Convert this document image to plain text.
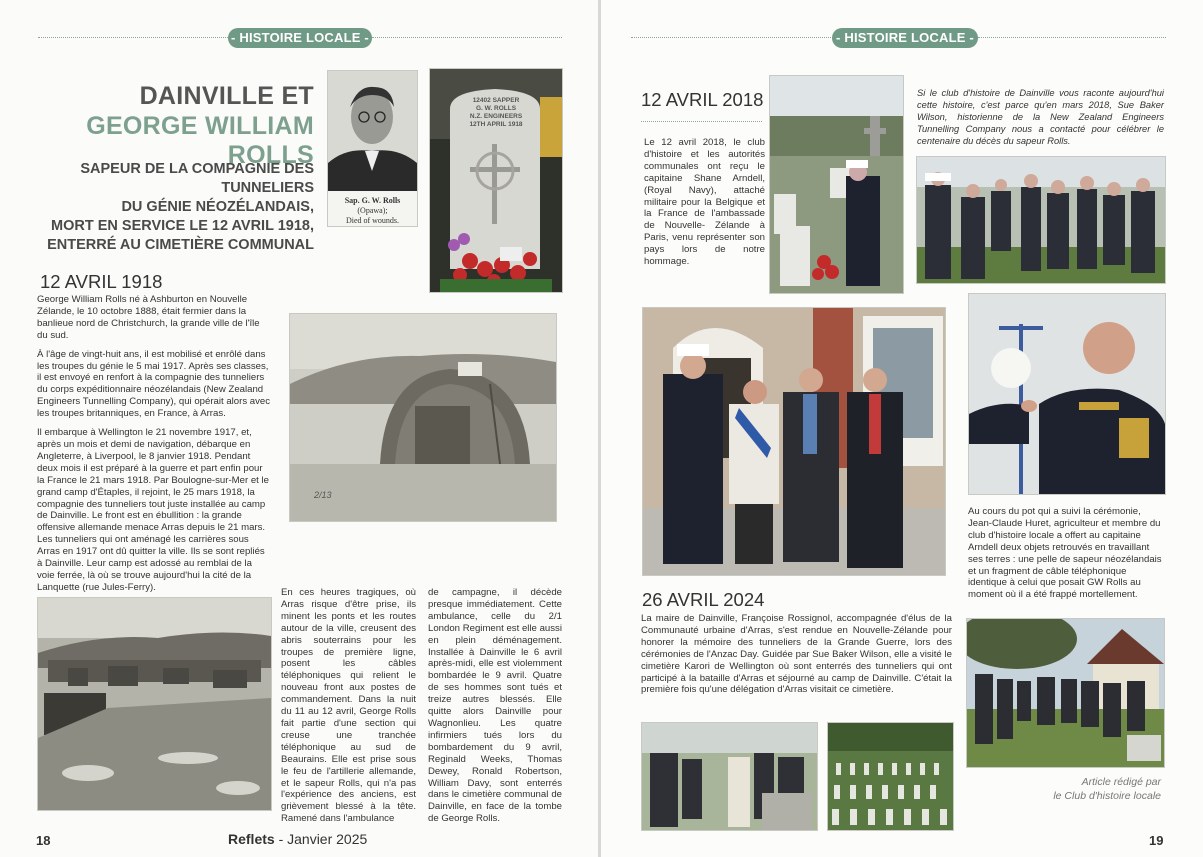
- HISTOIRE LOCALE -
DAINVILLE ET
GEORGE WILLIAM ROLLS
SAPEUR DE LA COMPAGNIE DES TUNNELIERS
DU GÉNIE NÉOZÉLANDAIS,
MORT EN SERVICE LE 12 AVRIL 1918,
ENTERRÉ AU CIMETIÈRE COMMUNAL
Sap. G. W. Rolls
(Opawa);
Died of wounds.
12402 SAPPER
G. W. ROLLS
N.Z. ENGINEERS
12TH APRIL 1918
12 AVRIL 1918

George William Rolls né à Ashburton en Nouvelle Zélande, le 10 octobre 1888, était fermier dans la banlieue nord de Christchurch, la grande ville de l'île du sud.

À l'âge de vingt-huit ans, il est mobilisé et enrôlé dans les troupes du génie le 5 mai 1917. Après ses classes, il est envoyé en renfort à la compagnie des tunneliers du corps expéditionnaire néozélandais (New Zealand Engineers Tunnelling Company), qui opérait alors avec les troupes britanniques, en France, à Arras.

Il embarque à Wellington le 21 novembre 1917, et, après un mois et demi de navigation, débarque en Angleterre, à Liverpool, le 8 janvier 1918. Pendant deux mois il est préparé à la guerre et part enfin pour la France le 21 mars 1918. Par Boulogne-sur-Mer et le grand camp d'Étaples, il rejoint, le 25 mars 1918, la compagnie des tunneliers tout juste installée au camp de Dainville. Le front est en ébullition : la grande offensive allemande menace Arras depuis le 21 mars. Les tunneliers qui ont aménagé les carrières sous Arras en 1917 ont dû quitter la ville. Ils se sont repliés à Dainville. Leur camp est adossé au remblai de la voie ferrée, là où se trouve aujourd'hui la cité de la Lanquette (rue Jules-Ferry).

2/13
En ces heures tragiques, où Arras risque d'être prise, ils minent les ponts et les routes autour de la ville, creusent des abris souterrains pour les troupes de première ligne, posent les câbles téléphoniques qui relient le nouveau front aux postes de commandement. Dans la nuit du 11 au 12 avril, George Rolls fait partie d'une section qui creuse une tranchée téléphonique au sud de Beaurains. Elle est prise sous le feu de l'artillerie allemande, et le sapeur Rolls, qui n'a pas l'expérience des anciens, est grièvement blessé à la tête. Ramené dans l'ambulance
de campagne, il décède presque immédiatement. Cette ambulance, celle du 2/1 London Regiment est elle aussi en plein déménagement. Installée à Dainville le 6 avril après-midi, elle est violemment bombardée le 9 avril. Quatre de ses hommes sont tués et treize autres blessés. Elle quitte alors Dainville pour Wagnonlieu. Les quatre infirmiers tués lors du bombardement du 9 avril, Reginald Weeks, Thomas Dewey, Ronald Robertson, William Davy, sont enterrés dans le cimetière communal de Dainville, en face de la tombe de George Rolls.
18	Reflets - Janvier 2025
- HISTOIRE LOCALE -
12 AVRIL 2018
Le 12 avril 2018, le club d'histoire et les autorités communales ont reçu le capitaine Shane Arndell, (Royal Navy), attaché militaire pour la Belgique et la France de l'ambassade de Nouvelle- Zélande à Paris, venu représenter son pays lors de notre hommage.
Si le club d'histoire de Dainville vous raconte aujourd'hui cette histoire, c'est parce qu'en mars 2018, Sue Baker Wilson, historienne de la New Zealand Engineers Tunnelling Company nous a contacté pour célébrer le centenaire du décès du sapeur Rolls.
Au cours du pot qui a suivi la cérémonie, Jean-Claude Huret, agriculteur et membre du club d'histoire locale a offert au capitaine Arndell deux objets retrouvés en travaillant ses terres : une pelle de sapeur néozélandais et un fragment de câble téléphonique identique à celui que posait GW Rolls au moment où il a été frappé mortellement.
26 AVRIL 2024
La maire de Dainville, Françoise Rossignol, accompagnée d'élus de la Communauté urbaine d'Arras, s'est rendue en Nouvelle-Zélande pour honorer la mémoire des tunneliers de la Grande Guerre, lors des cérémonies de l'Anzac Day. Guidée par Sue Baker Wilson, elle a visité le cimetière Karori de Wellington où sont enterrés des tunneliers qui ont participé à la bataille d'Arras et séjourné au camp de Dainville. C'était la première fois qu'une délégation d'Arras visitait ce cimetière.
Article rédigé par
le Club d'histoire locale
19
